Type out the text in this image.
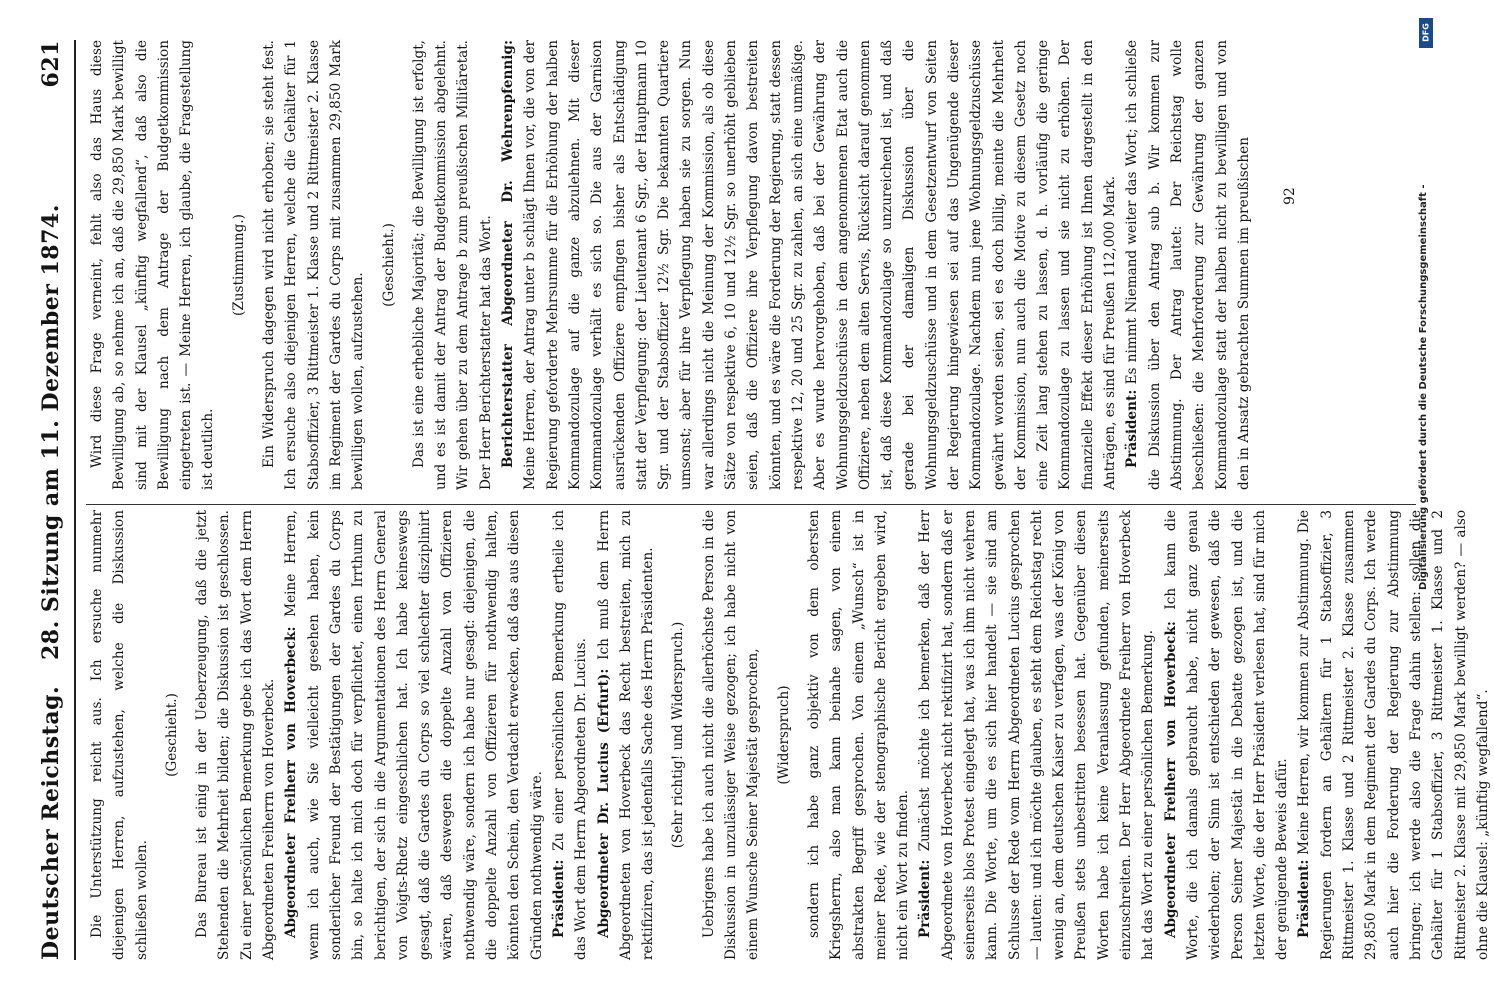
Deutscher Reichstag.
28. Sitzung am 11. Dezember 1874.
621

Die Unterstützung reicht aus. Ich ersuche nunmehr diejenigen Herren, aufzustehen, welche die Diskussion schließen wollen.

(Geschieht.) Das Bureau ist einig in der Ueberzeugung, daß die jetzt Stehenden die Mehrheit bilden; die Diskussion ist geschlossen. Zu einer persönlichen Bemerkung gebe ich das Wort dem Herrn Abgeordneten Freiherrn von Hoverbeck. Abgeordneter Freiherr von Hoverbeck: Meine Herren, wenn ich auch, wie Sie vielleicht gesehen haben, kein sonderlicher Freund der Bestätigungen der Gardes du Corps bin, so halte ich mich doch für verpflichtet, einen Irrthum zu berichtigen, der sich in die Argumentationen des Herrn General von Voigts-Rhetz eingeschlichen hat. Ich habe keineswegs gesagt, daß die Gardes du Corps so viel schlechter disziplinirt wären, daß deswegen die doppelte Anzahl von Offizieren nothwendig wäre, sondern ich habe nur gesagt: diejenigen, die die doppelte Anzahl von Offizieren für nothwendig halten, könnten den Schein, den Verdacht erwecken, daß das aus diesen Gründen nothwendig wäre. Präsident: Zu einer persönlichen Bemerkung ertheile ich das Wort dem Herrn Abgeordneten Dr. Lucius. Abgeordneter Dr. Lucius (Erfurt): Ich muß dem Herrn Abgeordneten von Hoverbeck das Recht bestreiten, mich zu rektifiziren, das ist jedenfalls Sache des Herrn Präsidenten. (Sehr richtig! und Widerspruch.) Uebrigens habe ich auch nicht die allerhöchste Person in die Diskussion in unzulässiger Weise gezogen; ich habe nicht von einem Wunsche Seiner Majestät gesprochen, (Widerspruch) sondern ich habe ganz objektiv von dem obersten Kriegsherrn, also man kann beinahe sagen, von einem abstrakten Begriff gesprochen. Von einem „Wunsch“ ist in meiner Rede, wie der stenographische Bericht ergeben wird, nicht ein Wort zu finden. Präsident: Zunächst möchte ich bemerken, daß der Herr Abgeordnete von Hoverbeck nicht rektifizirt hat, sondern daß er seinerseits blos Protest eingelegt hat, was ich ihm nicht wehren kann. Die Worte, um die es sich hier handelt — sie sind am Schlusse der Rede vom Herrn Abgeordneten Lucius gesprochen — lauten: und ich möchte glauben, es steht dem Reichstag recht wenig an, dem deutschen Kaiser zu verfagen, was der König von Preußen stets unbestritten besessen hat. Gegenüber diesen Worten habe ich keine Veranlassung gefunden, meinerseits einzuschreiten. Der Herr Abgeordnete Freiherr von Hoverbeck hat das Wort zu einer persönlichen Bemerkung. Abgeordneter Freiherr von Hoverbeck: Ich kann die Worte, die ich damals gebraucht habe, nicht ganz genau wiederholen; der Sinn ist entschieden der gewesen, daß die Person Seiner Majestät in die Debatte gezogen ist, und die letzten Worte, die der Herr Präsident verlesen hat, sind für mich der genügende Beweis dafür. Präsident: Meine Herren, wir kommen zur Abstimmung. Die Regierungen fordern an Gehältern für 1 Stabsoffizier, 3 Rittmeister 1. Klasse und 2 Rittmeister 2. Klasse zusammen 29,850 Mark in dem Regiment der Gardes du Corps. Ich werde auch hier die Forderung der Regierung zur Abstimmung bringen; ich werde also die Frage dahin stellen: sollen die Gehälter für 1 Stabsoffizier, 3 Rittmeister 1. Klasse und 2 Rittmeister 2. Klasse mit 29,850 Mark bewilligt werden? — also ohne die Klausel: „künftig wegfallend“.

Wird diese Frage verneint, fehlt also das Haus diese Bewilligung ab, so nehme ich an, daß die 29,850 Mark bewilligt sind mit der Klausel „künftig wegfallend“, daß also die Bewilligung nach dem Antrage der Budgetkommission eingetreten ist. — Meine Herren, ich glaube, die Fragestellung ist deutlich.

(Zustimmung.) Ein Widerspruch dagegen wird nicht erhoben; sie steht fest. Ich ersuche also diejenigen Herren, welche die Gehälter für 1 Stabsoffizier, 3 Rittmeister 1. Klasse und 2 Rittmeister 2. Klasse im Regiment der Gardes du Corps mit zusammen 29,850 Mark bewilligen wollen, aufzustehen.

(Geschieht.) Das ist eine erhebliche Majorität; die Bewilligung ist erfolgt, und es ist damit der Antrag der Budgetkommission abgelehnt. Wir gehen über zu dem Antrage b zum preußischen Militäretat. Der Herr Berichterstatter hat das Wort. Berichterstatter Abgeordneter Dr. Wehrenpfennig: Meine Herren, der Antrag unter b schlägt Ihnen vor, die von der Regierung geforderte Mehrsumme für die Erhöhung der halben Kommandozulage auf die ganze abzulehnen. Mit dieser Kommandozulage verhält es sich so. Die aus der Garnison ausrückenden Offiziere empfingen bisher als Entschädigung statt der Verpflegung: der Lieutenant 6 Sgr., der Hauptmann 10 Sgr. und der Stabsoffizier 12½ Sgr. Die bekannten Quartiere umsonst; aber für ihre Verpflegung haben sie zu sorgen. Nun war allerdings nicht die Meinung der Kommission, als ob diese Sätze von respektive 6, 10 und 12½ Sgr. so unerhöht geblieben seien, daß die Offiziere ihre Verpflegung davon bestreiten könnten, und es wäre die Forderung der Regierung, statt dessen respektive 12, 20 und 25 Sgr. zu zahlen, an sich eine unmäßige. Aber es wurde hervorgehoben, daß bei der Gewährung der Wohnungsgeldzuschüsse in dem angenommenen Etat auch die Offiziere, neben dem alten Servis, Rücksicht darauf genommen ist, daß diese Kommandozulage so unzureichend ist, und daß gerade bei der damaligen Diskussion über die Wohnungsgeldzuschüsse und in dem Gesetzentwurf von Seiten der Regierung hingewiesen sei auf das Ungenügende dieser Kommandozulage. Nachdem nun jene Wohnungsgeldzuschüsse gewährt worden seien, sei es doch billig, meinte die Mehrheit der Kommission, nun auch die Motive zu diesem Gesetz noch eine Zeit lang stehen zu lassen, d. h. vorläufig die geringe Kommandozulage zu lassen und sie nicht zu erhöhen. Der finanzielle Effekt dieser Erhöhung ist Ihnen dargestellt in den Anträgen, es sind für Preußen 112,000 Mark. Präsident: Es nimmt Niemand weiter das Wort; ich schließe die Diskussion über den Antrag sub b. Wir kommen zur Abstimmung. Der Antrag lautet: Der Reichstag wolle beschließen: die Mehrforderung zur Gewährung der ganzen Kommandozulage statt der halben nicht zu bewilligen und von den in Ansatz gebrachten Summen im preußischen 92
DFG
Digitalisierung gefördert durch die Deutsche Forschungsgemeinschaft -
